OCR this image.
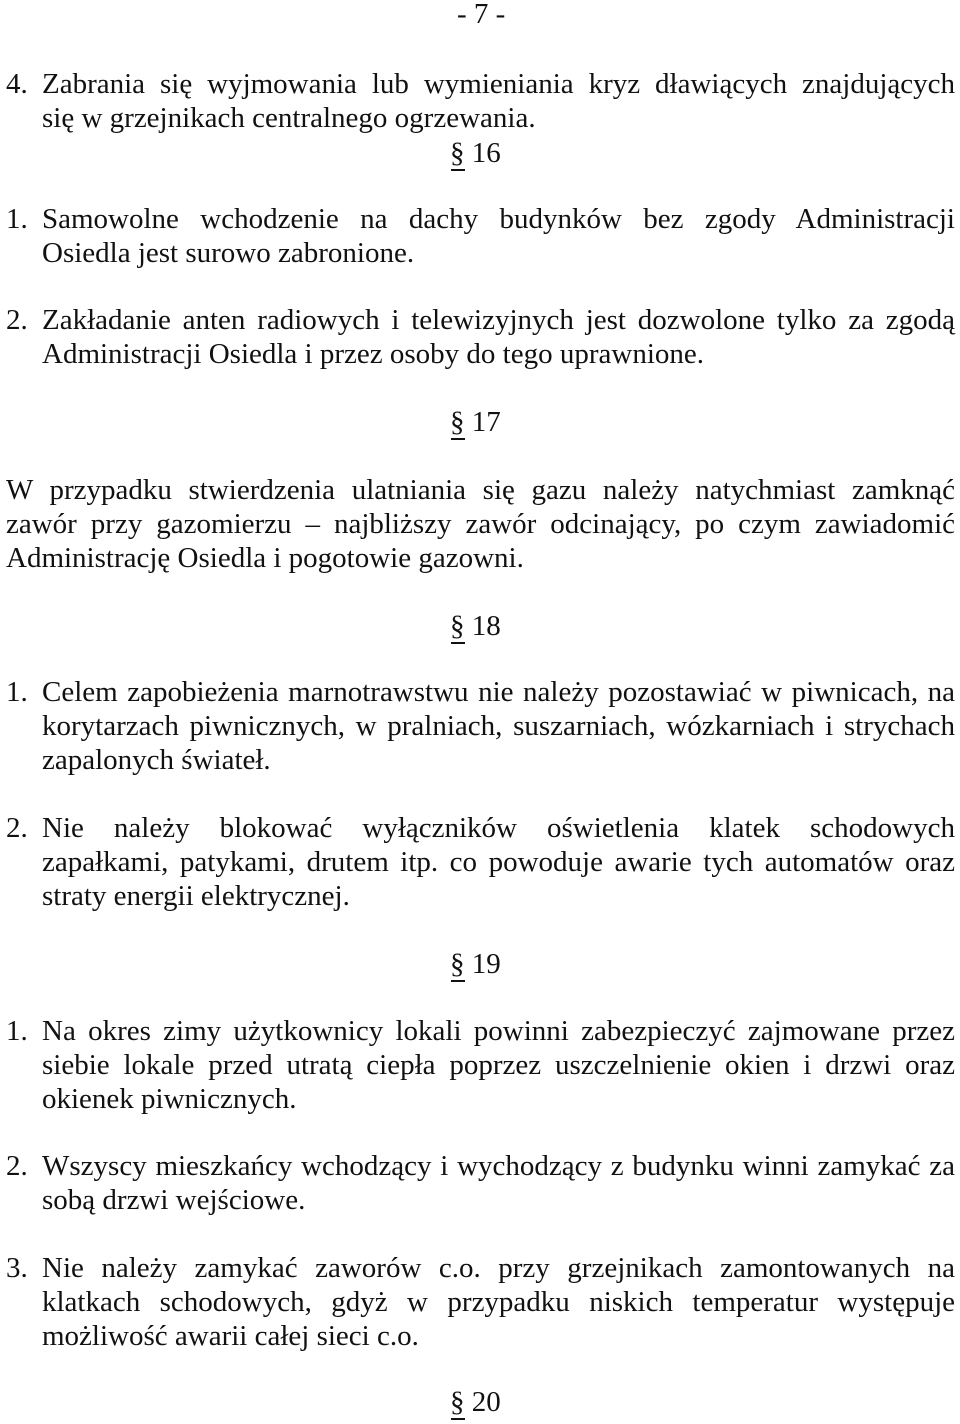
- 7 -
4. Zabrania się wyjmowania lub wymieniania kryz dławiących znajdujących
się w grzejnikach centralnego ogrzewania.
§ 16
1. Samowolne wchodzenie na dachy budynków bez zgody Administracji
Osiedla jest surowo zabronione.
2. Zakładanie anten radiowych i telewizyjnych jest dozwolone tylko za zgodą
Administracji Osiedla i przez osoby do tego uprawnione.
§ 17
W przypadku stwierdzenia ulatniania się gazu należy natychmiast zamknąć
zawór przy gazomierzu – najbliższy zawór odcinający, po czym zawiadomić
Administrację Osiedla i pogotowie gazowni.
§ 18
1. Celem zapobieżenia marnotrawstwu nie należy pozostawiać w piwnicach, na
korytarzach piwnicznych, w pralniach, suszarniach, wózkarniach i strychach
zapalonych świateł.
2. Nie należy blokować wyłączników oświetlenia klatek schodowych
zapałkami, patykami, drutem itp. co powoduje awarie tych automatów oraz
straty energii elektrycznej.
§ 19
1. Na okres zimy użytkownicy lokali powinni zabezpieczyć zajmowane przez
siebie lokale przed utratą ciepła poprzez uszczelnienie okien i drzwi oraz
okienek piwnicznych.
2. Wszyscy mieszkańcy wchodzący i wychodzący z budynku winni zamykać za
sobą drzwi wejściowe.
3. Nie należy zamykać zaworów c.o. przy grzejnikach zamontowanych na
klatkach schodowych, gdyż w przypadku niskich temperatur występuje
możliwość awarii całej sieci c.o.
§ 20
